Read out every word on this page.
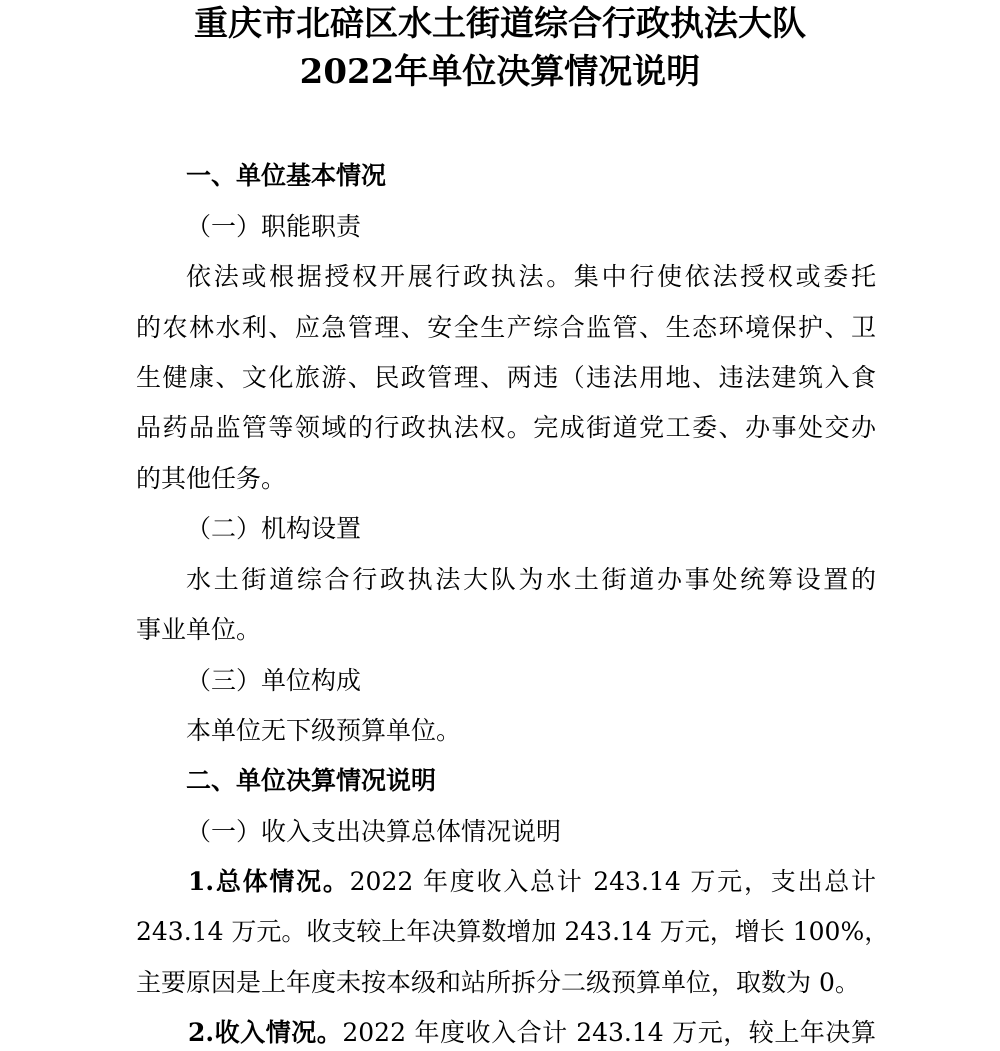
重庆市北碚区水土街道综合行政执法大队
2022年单位决算情况说明

一、单位基本情况

（一）职能职责

依法或根据授权开展行政执法。集中行使依法授权或委托

的农林水利、应急管理、安全生产综合监管、生态环境保护、卫

生健康、文化旅游、民政管理、两违（违法用地、违法建筑入食

品药品监管等领域的行政执法权。完成街道党工委、办事处交办

的其他任务。

（二）机构设置

水土街道综合行政执法大队为水土街道办事处统筹设置的

事业单位。

（三）单位构成

本单位无下级预算单位。

二、单位决算情况说明

（一）收入支出决算总体情况说明

1.总体情况。2022 年度收入总计 243.14 万元，支出总计

243.14 万元。收支较上年决算数增加 243.14 万元，增长 100%，

主要原因是上年度未按本级和站所拆分二级预算单位，取数为 0。

2.收入情况。2022 年度收入合计 243.14 万元，较上年决算
